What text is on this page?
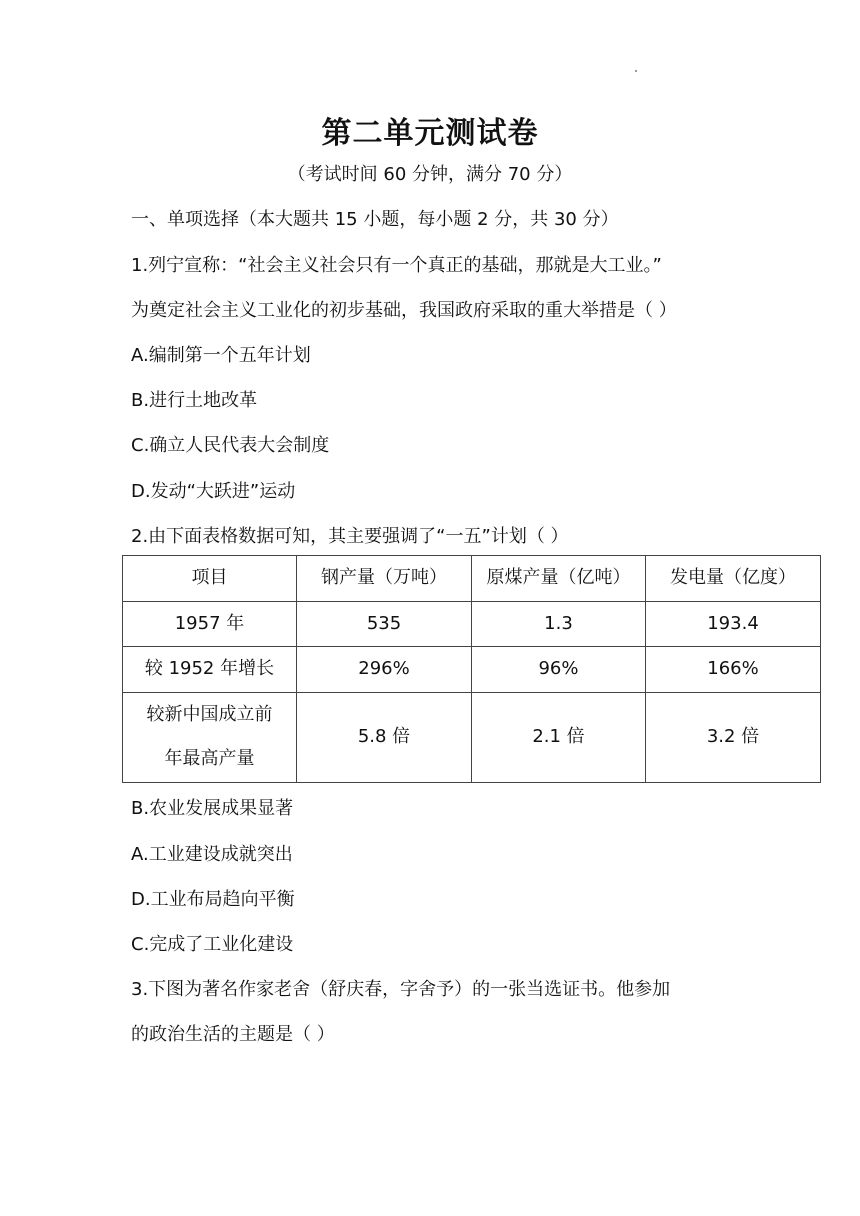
第二单元测试卷
（考试时间 60 分钟，满分 70 分）
一、单项选择（本大题共 15 小题，每小题 2 分，共 30 分）
1.列宁宣称：“社会主义社会只有一个真正的基础，那就是大工业。”
为奠定社会主义工业化的初步基础，我国政府采取的重大举措是（ ）
A.编制第一个五年计划
B.进行土地改革
C.确立人民代表大会制度
D.发动“大跃进”运动
2.由下面表格数据可知，其主要强调了“一五”计划（ ）
项目	钢产量（万吨）	原煤产量（亿吨）	发电量（亿度）
1957 年	535	1.3	193.4
较 1952 年增长	296%	96%	166%

较新中国成立前
年最高产量	5.8 倍	2.1 倍	3.2 倍
B.农业发展成果显著
A.工业建设成就突出
D.工业布局趋向平衡
C.完成了工业化建设
3.下图为著名作家老舍（舒庆春，字舍予）的一张当选证书。他参加
的政治生活的主题是（ ）
